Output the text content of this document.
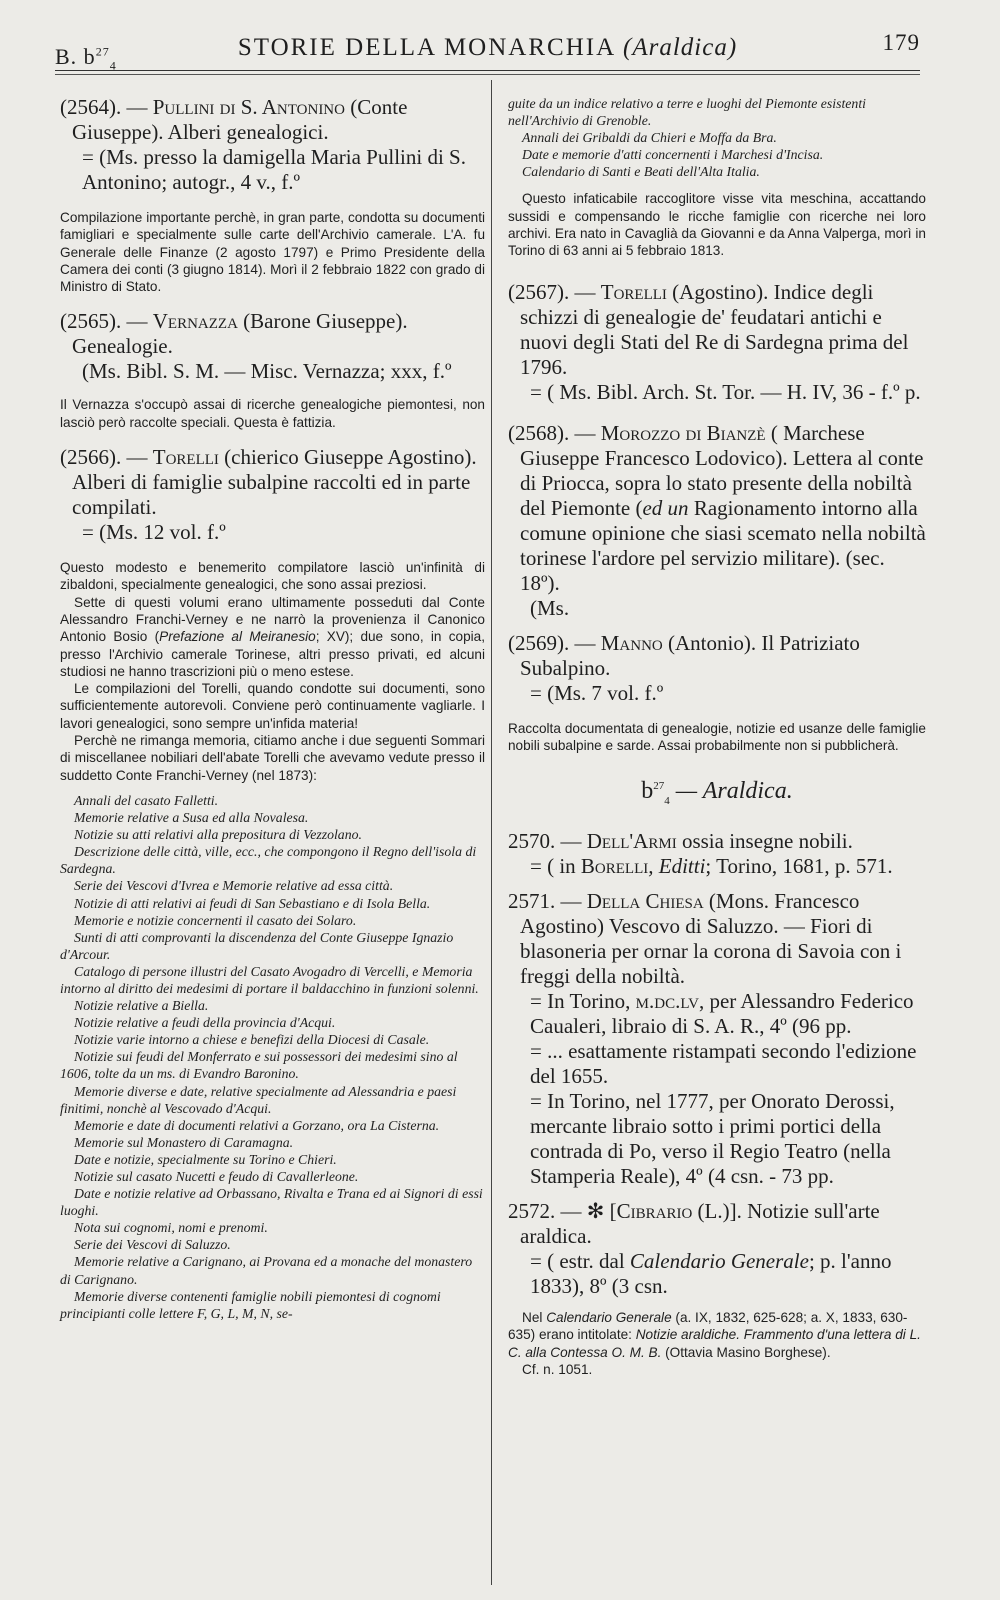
B. $b^{27}_4$
STORIE DELLA MONARCHIA (Araldica)	179
(2564). — Pullini di S. Antonino (Conte Giuseppe). Alberi genealogici.
= (Ms. presso la damigella Maria Pullini di S. Antonino; autogr., 4 v., f.º
Compilazione importante perchè, in gran parte, condotta su documenti famigliari e specialmente sulle carte dell'Archivio camerale. L'A. fu Generale delle Finanze (2 agosto 1797) e Primo Presidente della Camera dei conti (3 giugno 1814). Morì il 2 febbraio 1822 con grado di Ministro di Stato.
(2565). — Vernazza (Barone Giuseppe). Genealogie.
(Ms. Bibl. S. M. — Misc. Vernazza; xxx, f.º
Il Vernazza s'occupò assai di ricerche genealogiche piemontesi, non lasciò però raccolte speciali. Questa è fattizia.
(2566). — Torelli (chierico Giuseppe Agostino). Alberi di famiglie subalpine raccolti ed in parte compilati.
= (Ms. 12 vol. f.º

Questo modesto e benemerito compilatore lasciò un'infinità di zibaldoni, specialmente genealogici, che sono assai preziosi.

Sette di questi volumi erano ultimamente posseduti dal Conte Alessandro Franchi-Verney e ne narrò la provenienza il Canonico Antonio Bosio (Prefazione al Meiranesio; XV); due sono, in copia, presso l'Archivio camerale Torinese, altri presso privati, ed alcuni studiosi ne hanno trascrizioni più o meno estese.

Le compilazioni del Torelli, quando condotte sui documenti, sono sufficientemente autorevoli. Conviene però continuamente vagliarle. I lavori genealogici, sono sempre un'infida materia!

Perchè ne rimanga memoria, citiamo anche i due seguenti Sommari di miscellanee nobiliari dell'abate Torelli che avevamo vedute presso il suddetto Conte Franchi-Verney (nel 1873):

Annali del casato Falletti.
Memorie relative a Susa ed alla Novalesa.
Notizie su atti relativi alla prepositura di Vezzolano.
Descrizione delle città, ville, ecc., che compongono il Regno dell'isola di Sardegna.
Serie dei Vescovi d'Ivrea e Memorie relative ad essa città.
Notizie di atti relativi ai feudi di San Sebastiano e di Isola Bella.
Memorie e notizie concernenti il casato dei Solaro.
Sunti di atti comprovanti la discendenza del Conte Giuseppe Ignazio d'Arcour.
Catalogo di persone illustri del Casato Avogadro di Vercelli, e Memoria intorno al diritto dei medesimi di portare il baldacchino in funzioni solenni.
Notizie relative a Biella.
Notizie relative a feudi della provincia d'Acqui.
Notizie varie intorno a chiese e benefizi della Diocesi di Casale.
Notizie sui feudi del Monferrato e sui possessori dei medesimi sino al 1606, tolte da un ms. di Evandro Baronino.
Memorie diverse e date, relative specialmente ad Alessandria e paesi finitimi, nonchè al Vescovado d'Acqui.
Memorie e date di documenti relativi a Gorzano, ora La Cisterna.
Memorie sul Monastero di Caramagna.
Date e notizie, specialmente su Torino e Chieri.
Notizie sul casato Nucetti e feudo di Cavallerleone.
Date e notizie relative ad Orbassano, Rivalta e Trana ed ai Signori di essi luoghi.
Nota sui cognomi, nomi e prenomi.
Serie dei Vescovi di Saluzzo.
Memorie relative a Carignano, ai Provana ed a monache del monastero di Carignano.
Memorie diverse contenenti famiglie nobili piemontesi di cognomi principianti colle lettere F, G, L, M, N, se-
guite da un indice relativo a terre e luoghi del Piemonte esistenti nell'Archivio di Grenoble.
Annali dei Gribaldi da Chieri e Moffa da Bra.
Date e memorie d'atti concernenti i Marchesi d'Incisa.
Calendario di Santi e Beati dell'Alta Italia.

Questo infaticabile raccoglitore visse vita meschina, accattando sussidi e compensando le ricche famiglie con ricerche nei loro archivi. Era nato in Cavaglià da Giovanni e da Anna Valperga, morì in Torino di 63 anni ai 5 febbraio 1813.

(2567). — Torelli (Agostino). Indice degli schizzi di genealogie de' feudatari antichi e nuovi degli Stati del Re di Sardegna prima del 1796.
= ( Ms. Bibl. Arch. St. Tor. — H. IV, 36 - f.º p.
(2568). — Morozzo di Bianzè ( Marchese Giuseppe Francesco Lodovico). Lettera al conte di Priocca, sopra lo stato presente della nobiltà del Piemonte (ed un Ragionamento intorno alla comune opinione che siasi scemato nella nobiltà torinese l'ardore pel servizio militare). (sec. 18º).
(Ms.
(2569). — Manno (Antonio). Il Patriziato Subalpino.
= (Ms. 7 vol. f.º

Raccolta documentata di genealogie, notizie ed usanze delle famiglie nobili subalpine e sarde. Assai probabilmente non si pubblicherà.

$b^{27}_4$ — Araldica.
2570. — Dell'Armi ossia insegne nobili.
= ( in Borelli, Editti; Torino, 1681, p. 571.
2571. — Della Chiesa (Mons. Francesco Agostino) Vescovo di Saluzzo. — Fiori di blasoneria per ornar la corona di Savoia con i freggi della nobiltà.
= In Torino, m.dc.lv, per Alessandro Federico Caualeri, libraio di S. A. R., 4º (96 pp.
= ... esattamente ristampati secondo l'edizione del 1655.
= In Torino, nel 1777, per Onorato Derossi, mercante libraio sotto i primi portici della contrada di Po, verso il Regio Teatro (nella Stamperia Reale), 4º (4 csn. - 73 pp.
2572. — ✻ [Cibrario (L.)]. Notizie sull'arte araldica.
= ( estr. dal Calendario Generale; p. l'anno 1833), 8º (3 csn.
Nel Calendario Generale (a. IX, 1832, 625-628; a. X, 1833, 630-635) erano intitolate: Notizie araldiche. Frammento d'una lettera di L. C. alla Contessa O. M. B. (Ottavia Masino Borghese).
Cf. n. 1051.
